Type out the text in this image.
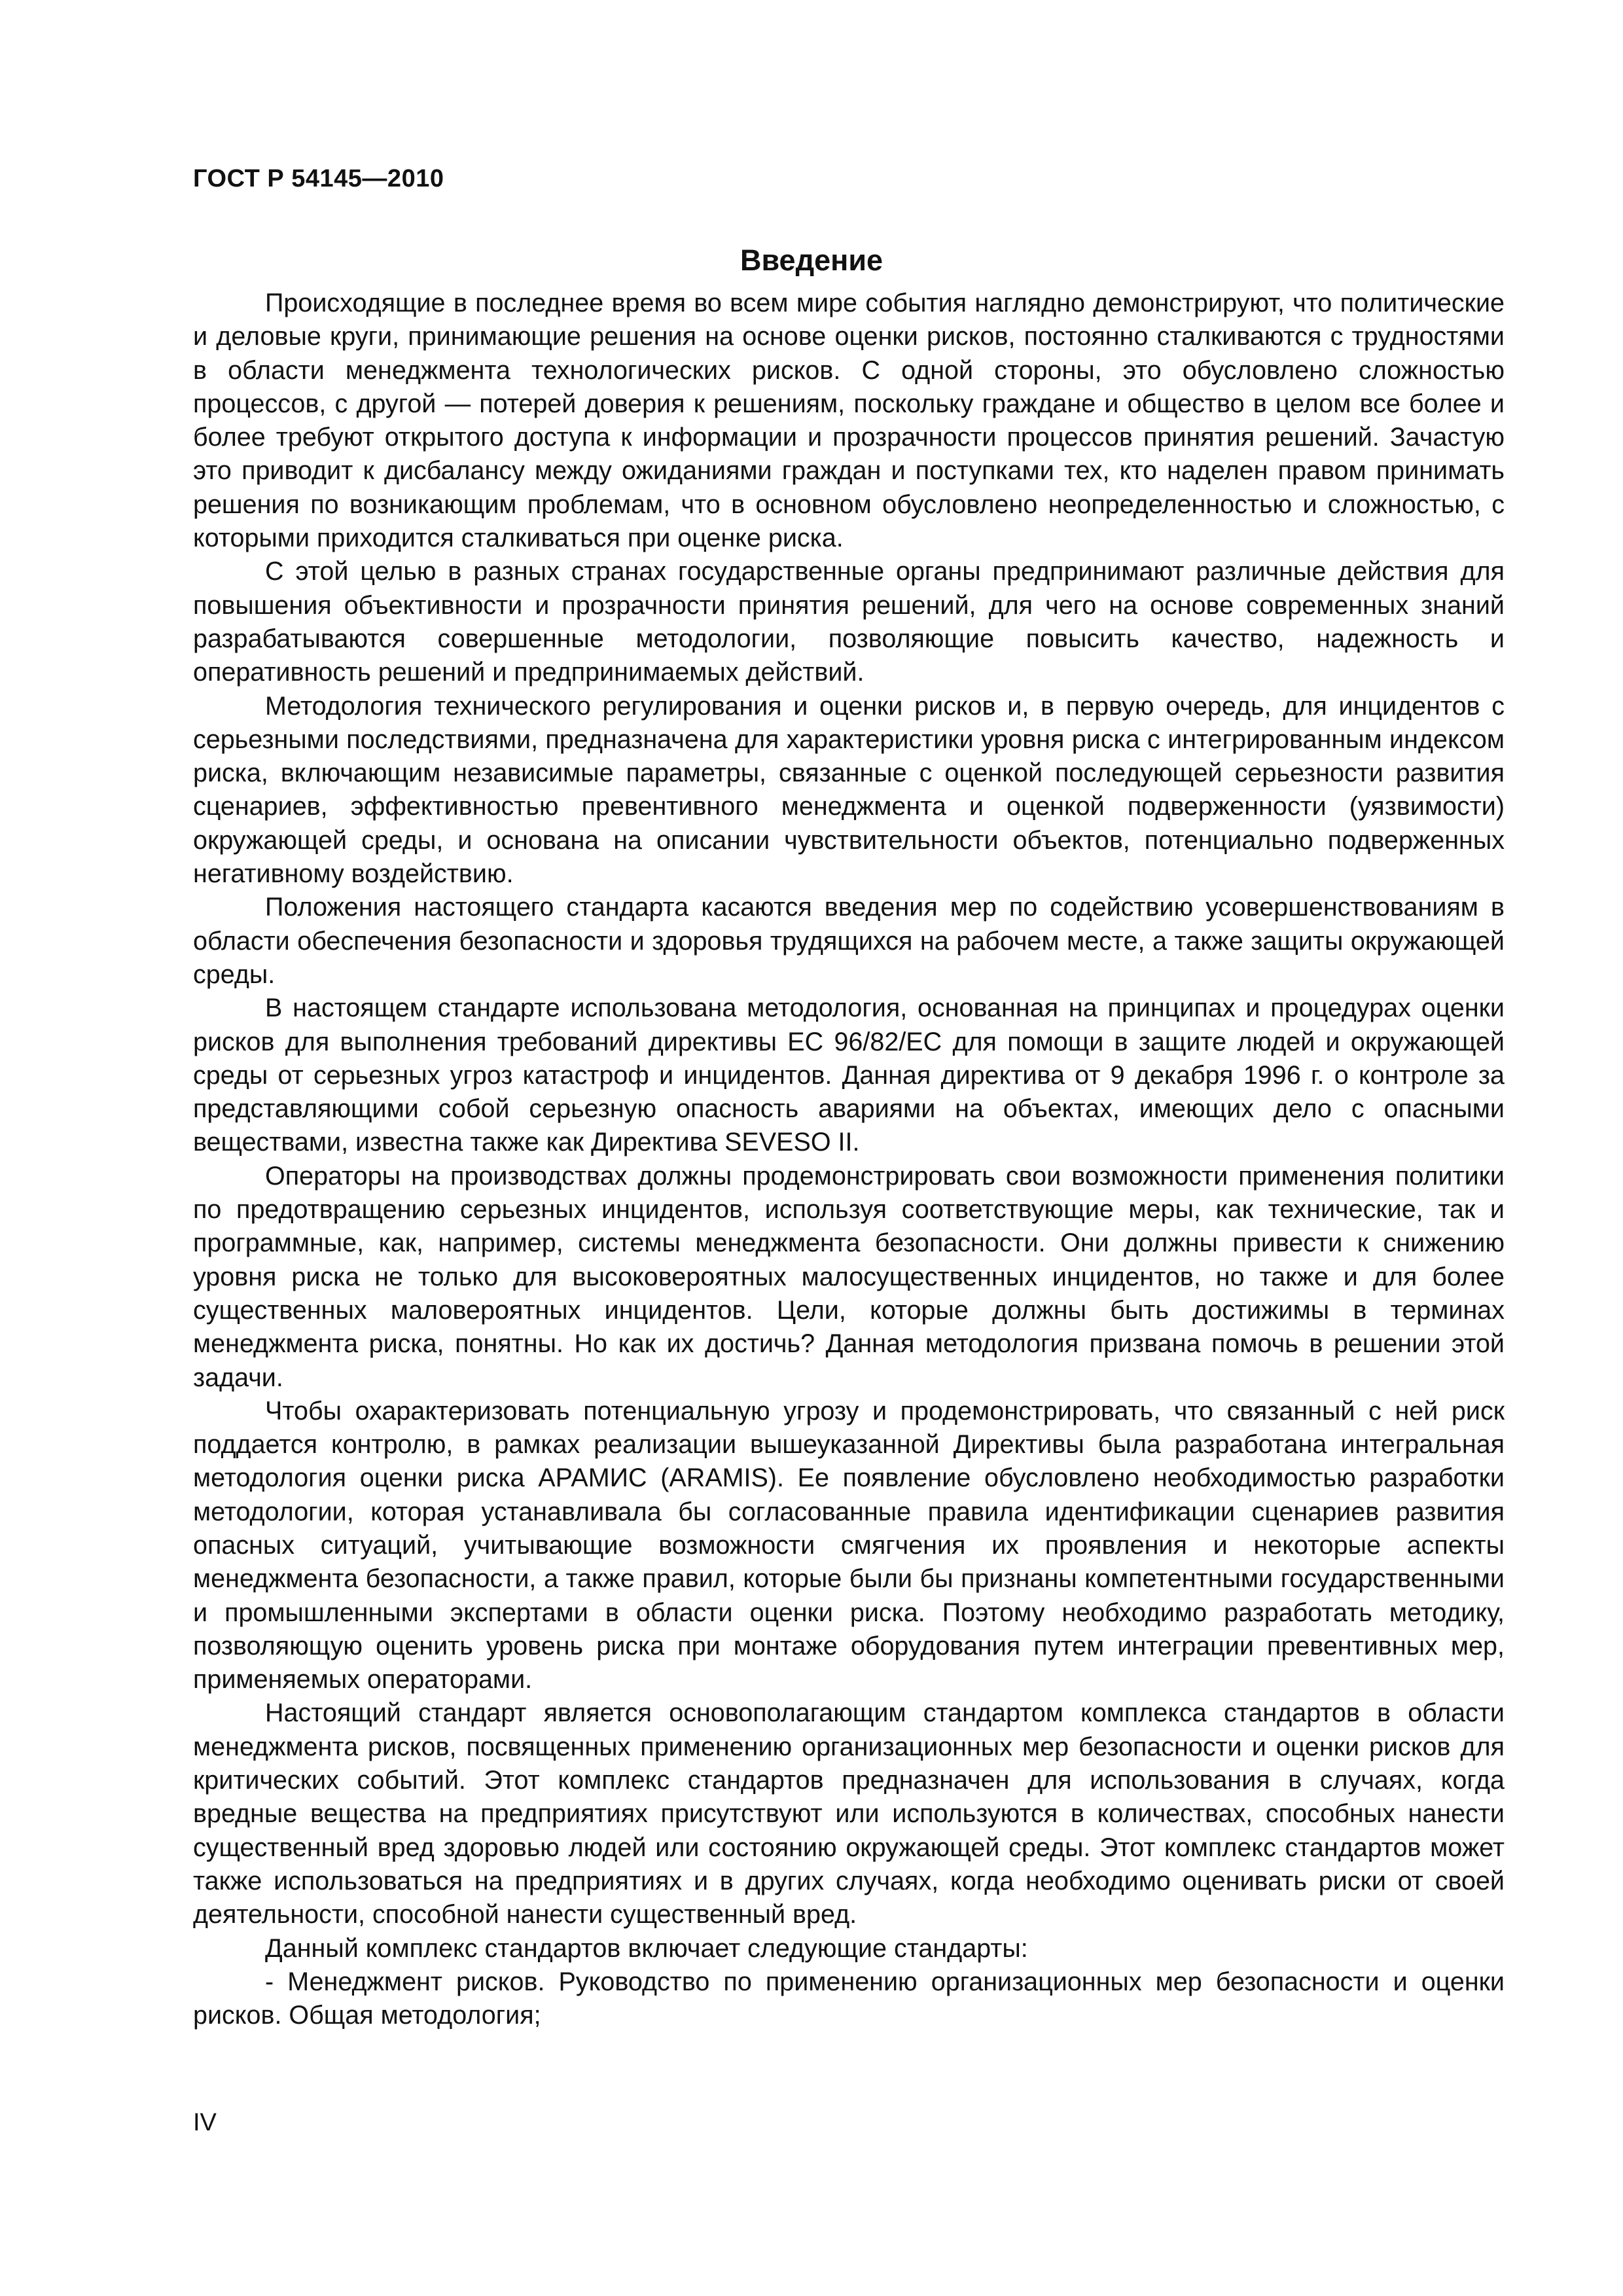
ГОСТ Р 54145—2010
Введение

Происходящие в последнее время во всем мире события наглядно демонстрируют, что политические и деловые круги, принимающие решения на основе оценки рисков, постоянно сталкиваются с трудностями в области менеджмента технологических рисков. С одной стороны, это обусловлено сложностью процессов, с другой — потерей доверия к решениям, поскольку граждане и общество в целом все более и более требуют открытого доступа к информации и прозрачности процессов принятия решений. Зачастую это приводит к дисбалансу между ожиданиями граждан и поступками тех, кто наделен правом принимать решения по возникающим проблемам, что в основном обусловлено неопределенностью и сложностью, с которыми приходится сталкиваться при оценке риска.

С этой целью в разных странах государственные органы предпринимают различные действия для повышения объективности и прозрачности принятия решений, для чего на основе современных знаний разрабатываются совершенные методологии, позволяющие повысить качество, надежность и оперативность решений и предпринимаемых действий.

Методология технического регулирования и оценки рисков и, в первую очередь, для инцидентов с серьезными последствиями, предназначена для характеристики уровня риска с интегрированным индексом риска, включающим независимые параметры, связанные с оценкой последующей серьезности развития сценариев, эффективностью превентивного менеджмента и оценкой подверженности (уязвимости) окружающей среды, и основана на описании чувствительности объектов, потенциально подверженных негативному воздействию.

Положения настоящего стандарта касаются введения мер по содействию усовершенствованиям в области обеспечения безопасности и здоровья трудящихся на рабочем месте, а также защиты окружающей среды.

В настоящем стандарте использована методология, основанная на принципах и процедурах оценки рисков для выполнения требований директивы ЕС 96/82/ЕС для помощи в защите людей и окружающей среды от серьезных угроз катастроф и инцидентов. Данная директива от 9 декабря 1996 г. о контроле за представляющими собой серьезную опасность авариями на объектах, имеющих дело с опасными веществами, известна также как Директива SEVESO II.

Операторы на производствах должны продемонстрировать свои возможности применения политики по предотвращению серьезных инцидентов, используя соответствующие меры, как технические, так и программные, как, например, системы менеджмента безопасности. Они должны привести к снижению уровня риска не только для высоковероятных малосущественных инцидентов, но также и для более существенных маловероятных инцидентов. Цели, которые должны быть достижимы в терминах менеджмента риска, понятны. Но как их достичь? Данная методология призвана помочь в решении этой задачи.

Чтобы охарактеризовать потенциальную угрозу и продемонстрировать, что связанный с ней риск поддается контролю, в рамках реализации вышеуказанной Директивы была разработана интегральная методология оценки риска АРАМИС (ARAMIS). Ее появление обусловлено необходимостью разработки методологии, которая устанавливала бы согласованные правила идентификации сценариев развития опасных ситуаций, учитывающие возможности смягчения их проявления и некоторые аспекты менеджмента безопасности, а также правил, которые были бы признаны компетентными государственными и промышленными экспертами в области оценки риска. Поэтому необходимо разработать методику, позволяющую оценить уровень риска при монтаже оборудования путем интеграции превентивных мер, применяемых операторами.

Настоящий стандарт является основополагающим стандартом комплекса стандартов в области менеджмента рисков, посвященных применению организационных мер безопасности и оценки рисков для критических событий. Этот комплекс стандартов предназначен для использования в случаях, когда вредные вещества на предприятиях присутствуют или используются в количествах, способных нанести существенный вред здоровью людей или состоянию окружающей среды. Этот комплекс стандартов может также использоваться на предприятиях и в других случаях, когда необходимо оценивать риски от своей деятельности, способной нанести существенный вред.

Данный комплекс стандартов включает следующие стандарты:

- Менеджмент рисков. Руководство по применению организационных мер безопасности и оценки рисков. Общая методология;

IV
